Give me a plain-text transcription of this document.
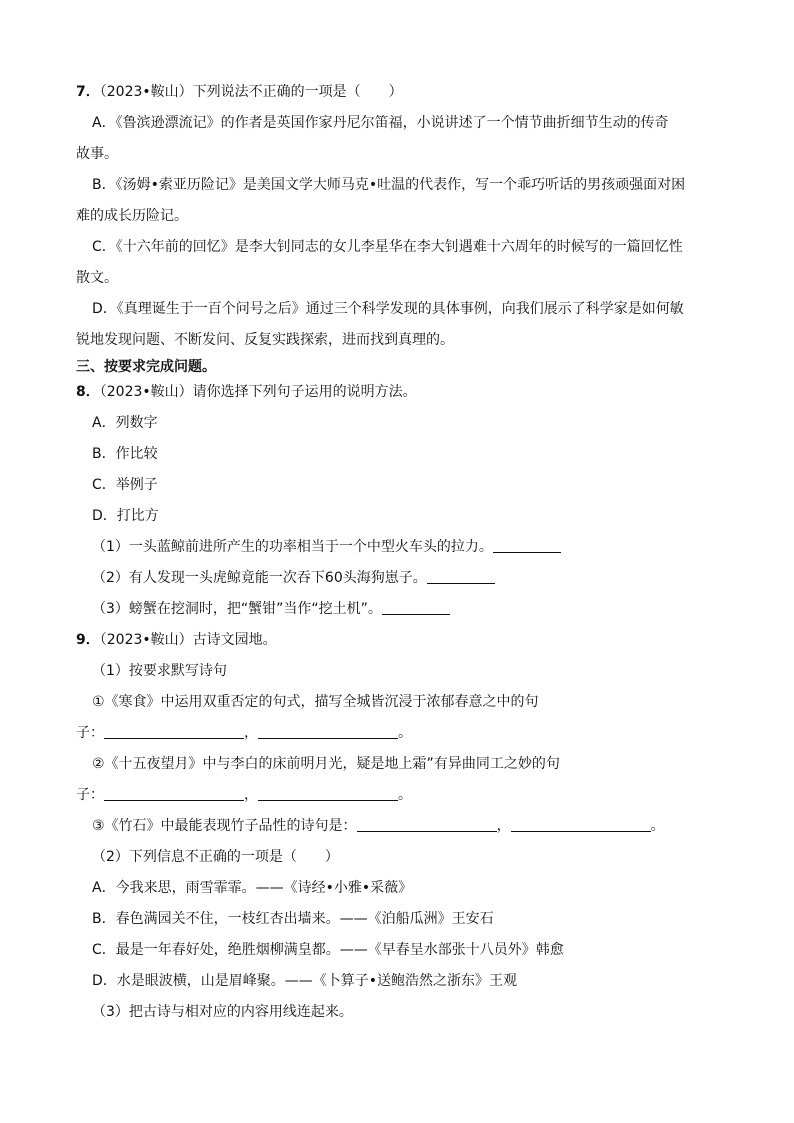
7．（2023•鞍山）下列说法不正确的一项是（　　）
A．《鲁滨逊漂流记》的作者是英国作家丹尼尔笛福，小说讲述了一个情节曲折细节生动的传奇
故事。
B．《汤姆•索亚历险记》是美国文学大师马克•吐温的代表作，写一个乖巧听话的男孩顽强面对困
难的成长历险记。
C．《十六年前的回忆》是李大钊同志的女儿李星华在李大钊遇难十六周年的时候写的一篇回忆性
散文。
D．《真理诞生于一百个问号之后》通过三个科学发现的具体事例，向我们展示了科学家是如何敏
锐地发现问题、不断发问、反复实践探索，进而找到真理的。
三、按要求完成问题。
8．（2023•鞍山）请你选择下列句子运用的说明方法。
A．列数字
B．作比较
C．举例子
D．打比方
（1）一头蓝鲸前进所产生的功率相当于一个中型火车头的拉力。
（2）有人发现一头虎鲸竟能一次吞下60头海狗崽子。
（3）螃蟹在挖洞时，把“蟹钳”当作“挖土机”。
9．（2023•鞍山）古诗文园地。
（1）按要求默写诗句
①《寒食》中运用双重否定的句式，描写全城皆沉浸于浓郁春意之中的句
子：	，	。
②《十五夜望月》中与李白的床前明月光，疑是地上霜”有异曲同工之妙的句
子：	，	。
③《竹石》中最能表现竹子品性的诗句是：	，	。
（2）下列信息不正确的一项是（　　）
A．今我来思，雨雪霏霏。——《诗经•小雅•采薇》
B．春色满园关不住，一枝红杏出墙来。——《泊船瓜洲》王安石
C．最是一年春好处，绝胜烟柳满皇都。——《早春呈水部张十八员外》韩愈
D．水是眼波横，山是眉峰聚。——《卜算子•送鲍浩然之浙东》王观
（3）把古诗与相对应的内容用线连起来。
